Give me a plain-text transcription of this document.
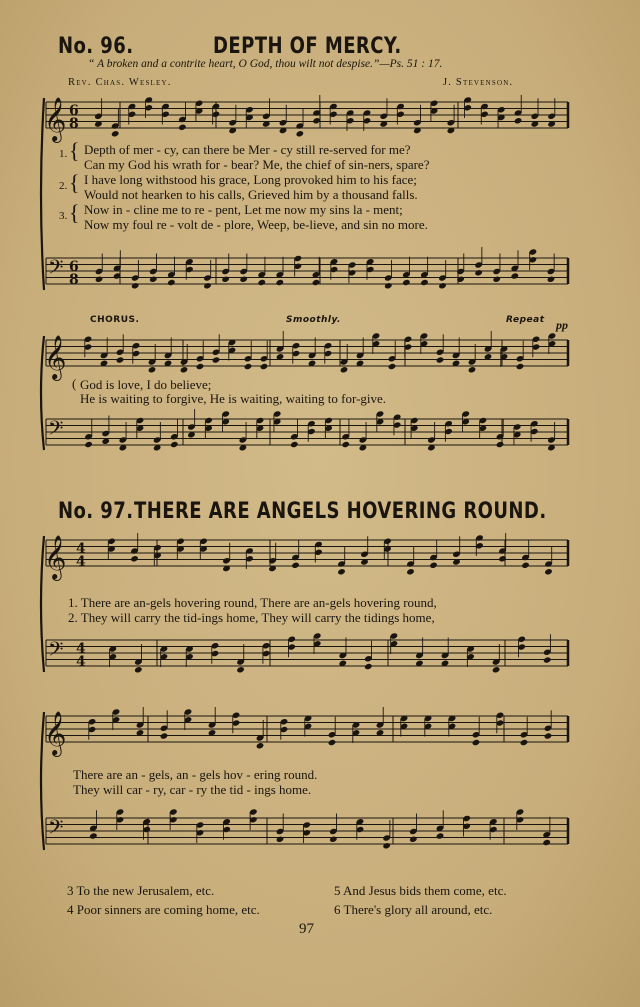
𝄞
𝄢
6
8
6
8
𝄞
𝄢
𝄞
𝄢
4
4
4
4
𝄞
𝄢
No. 96.	DEPTH OF MERCY.
“ A broken and a contrite heart, O God, thou wilt not despise.”—Ps. 51 : 17.
Rev. Chas. Wesley.	J. Stevenson.
1. { Depth of mer - cy, can there be Mer - cy still re-served for me?
Can my God his wrath for - bear? Me, the chief of sin-ners, spare?
2. { I have long withstood his grace, Long provoked him to his face;
Would not hearken to his calls, Grieved him by a thousand falls.
3. { Now in - cline me to re - pent, Let me now my sins la - ment;
Now my foul re - volt de - plore, Weep, be-lieve, and sin no more.
CHORUS.	Smoothly.	Repeat pp
( God is love, I do believe;
He is waiting to forgive, He is waiting, waiting to for-give.
No. 97. THERE ARE ANGELS HOVERING ROUND.
1. There are an-gels hovering round, There are an-gels hovering round,
2. They will carry the tid-ings home, They will carry the tidings home,
There are an - gels, an - gels hov - ering round.
They will car - ry, car - ry the tid - ings home.
3 To the new Jerusalem, etc.
4 Poor sinners are coming home, etc.
5 And Jesus bids them come, etc.
6 There's glory all around, etc.
97
